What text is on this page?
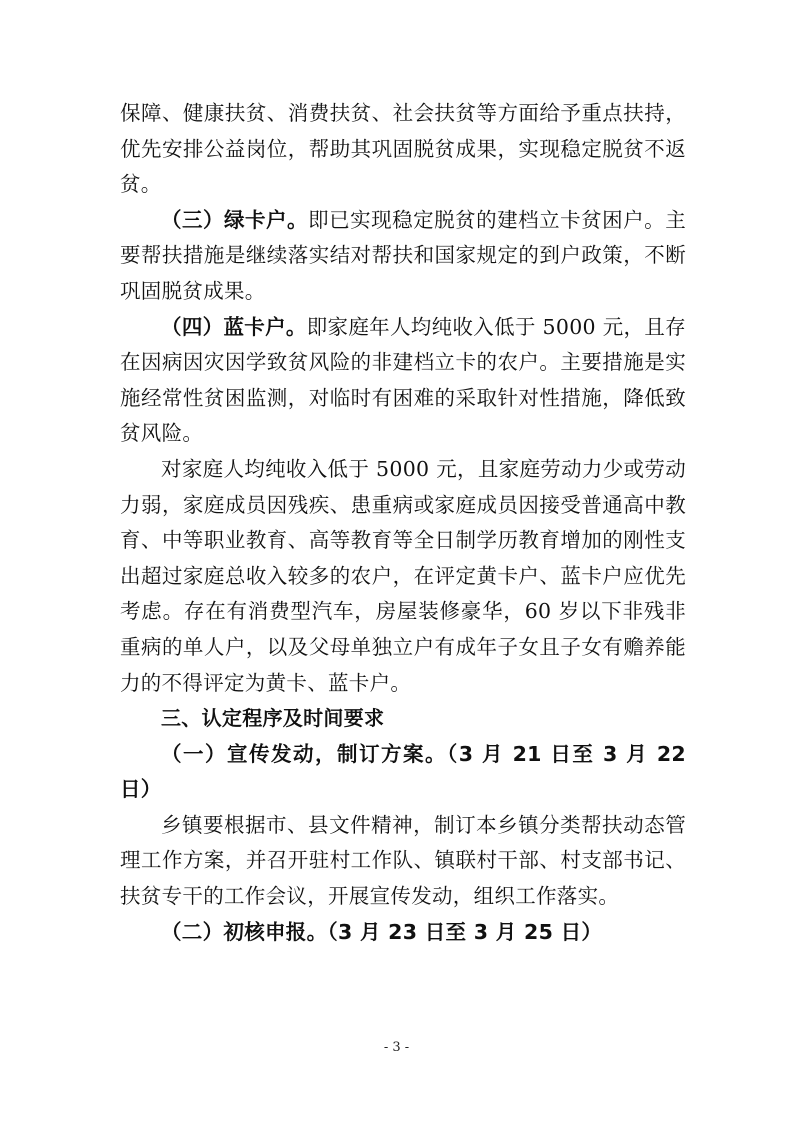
保障、健康扶贫、消费扶贫、社会扶贫等方面给予重点扶持，优先安排公益岗位，帮助其巩固脱贫成果，实现稳定脱贫不返贫。

（三）绿卡户。即已实现稳定脱贫的建档立卡贫困户。主要帮扶措施是继续落实结对帮扶和国家规定的到户政策，不断巩固脱贫成果。

（四）蓝卡户。即家庭年人均纯收入低于 5000 元，且存在因病因灾因学致贫风险的非建档立卡的农户。主要措施是实施经常性贫困监测，对临时有困难的采取针对性措施，降低致贫风险。

对家庭人均纯收入低于 5000 元，且家庭劳动力少或劳动力弱，家庭成员因残疾、患重病或家庭成员因接受普通高中教育、中等职业教育、高等教育等全日制学历教育增加的刚性支出超过家庭总收入较多的农户，在评定黄卡户、蓝卡户应优先考虑。存在有消费型汽车，房屋装修豪华，60 岁以下非残非重病的单人户，以及父母单独立户有成年子女且子女有赡养能力的不得评定为黄卡、蓝卡户。

三、认定程序及时间要求

（一）宣传发动，制订方案。（3 月 21 日至 3 月 22 日）

乡镇要根据市、县文件精神，制订本乡镇分类帮扶动态管理工作方案，并召开驻村工作队、镇联村干部、村支部书记、扶贫专干的工作会议，开展宣传发动，组织工作落实。

（二）初核申报。（3 月 23 日至 3 月 25 日）

- 3 -
